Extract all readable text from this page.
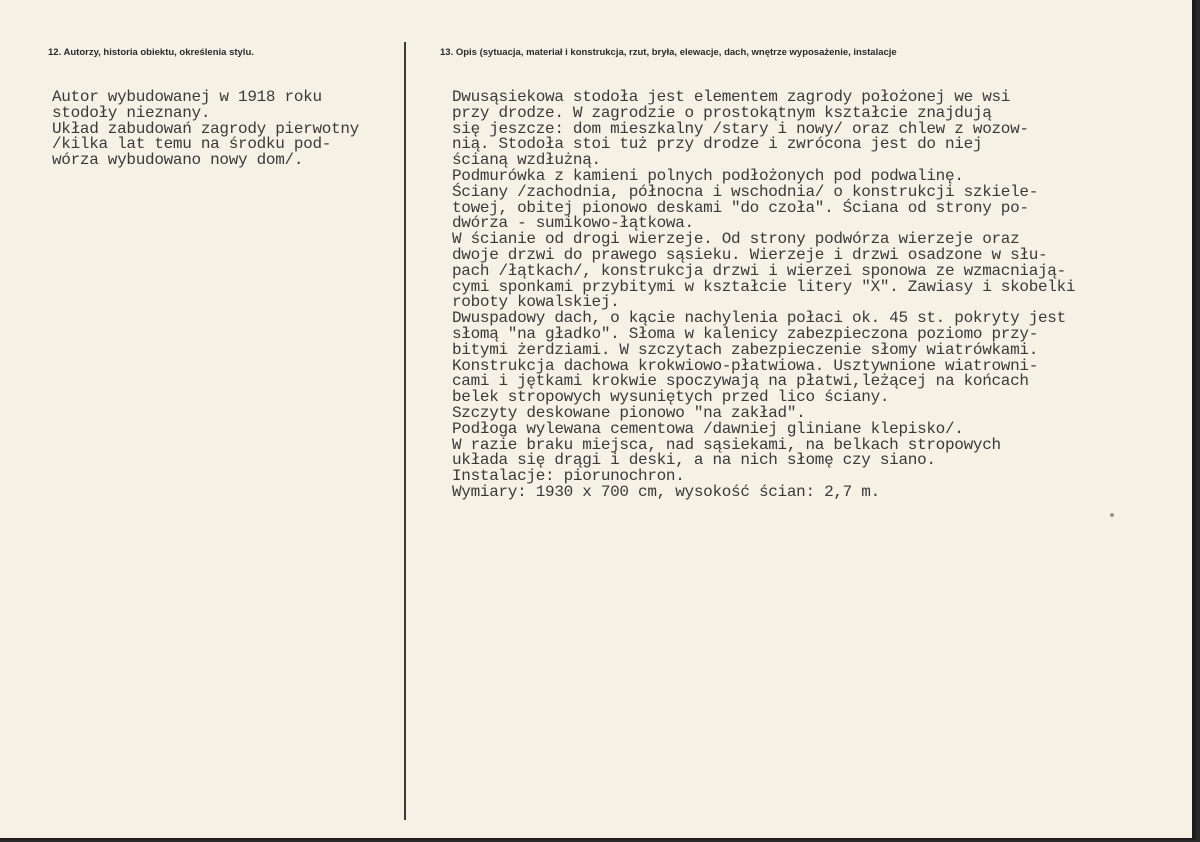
12. Autorzy, historia obiektu, określenia stylu.	13. Opis (sytuacja, materiał i konstrukcja, rzut, bryła, elewacje, dach, wnętrze wyposażenie, instalacje
Autor wybudowanej w 1918 roku
stodoły nieznany.
Układ zabudowań zagrody pierwotny
/kilka lat temu na środku pod-
wórza wybudowano nowy dom/.
Dwusąsiekowa stodoła jest elementem zagrody położonej we wsi
przy drodze. W zagrodzie o prostokątnym kształcie znajdują
się jeszcze: dom mieszkalny /stary i nowy/ oraz chlew z wozow-
nią. Stodoła stoi tuż przy drodze i zwrócona jest do niej
ścianą wzdłużną.
Podmurówka z kamieni polnych podłożonych pod podwalinę.
Ściany /zachodnia, północna i wschodnia/ o konstrukcji szkiele-
towej, obitej pionowo deskami "do czoła". Ściana od strony po-
dwórza - sumikowo-łątkowa.
W ścianie od drogi wierzeje. Od strony podwórza wierzeje oraz
dwoje drzwi do prawego sąsieku. Wierzeje i drzwi osadzone w słu-
pach /łątkach/, konstrukcja drzwi i wierzei sponowa ze wzmacniają-
cymi sponkami przybitymi w kształcie litery "X". Zawiasy i skobelki
roboty kowalskiej.
Dwuspadowy dach, o kącie nachylenia połaci ok. 45 st. pokryty jest
słomą "na gładko". Słoma w kalenicy zabezpieczona poziomo przy-
bitymi żerdziami. W szczytach zabezpieczenie słomy wiatrówkami.
Konstrukcja dachowa krokwiowo-płatwiowa. Usztywnione wiatrowni-
cami i jętkami krokwie spoczywają na płatwi,leżącej na końcach
belek stropowych wysuniętych przed lico ściany.
Szczyty deskowane pionowo "na zakład".
Podłoga wylewana cementowa /dawniej gliniane klepisko/.
W razie braku miejsca, nad sąsiekami, na belkach stropowych
układa się drągi i deski, a na nich słomę czy siano.
Instalacje: piorunochron.
Wymiary: 1930 x 700 cm, wysokość ścian: 2,7 m.
